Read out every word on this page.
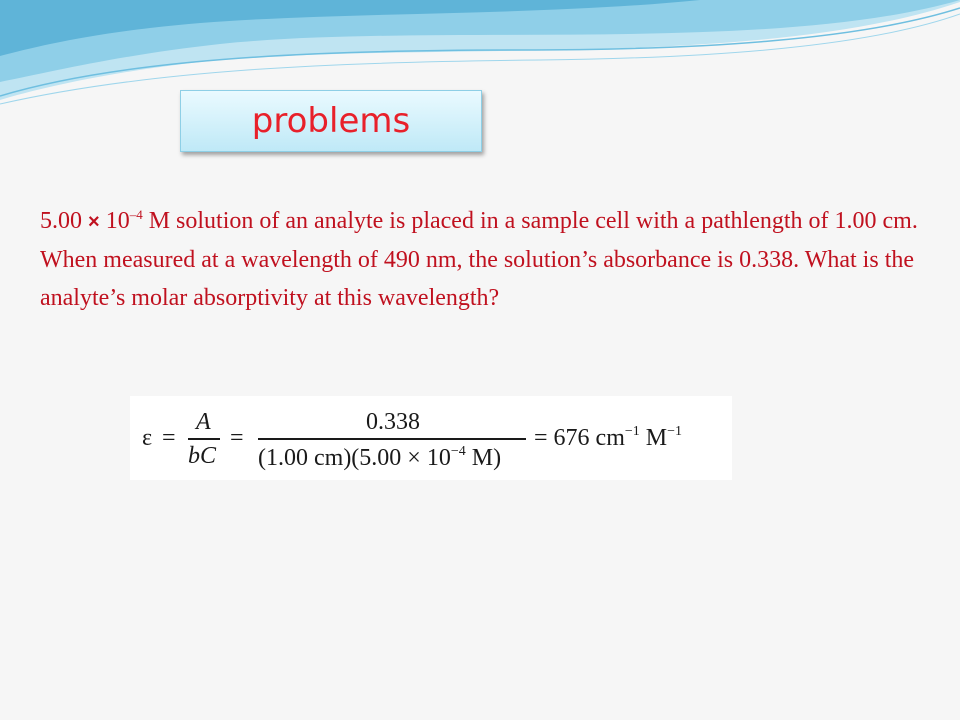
problems
$5.00 \times 10^{-4}$ M solution of an analyte is placed in a sample cell with a pathlength of 1.00 cm. When measured at a wavelength of 490 nm, the solution’s absorbance is 0.338. What is the analyte’s molar absorptivity at this wavelength?
ε =
A
bC
=
0.338
(1.00 $cm)(5.00 \times 10^{-4}$ M)
= 676 $cm^{-1}$ $M^{-1}$
